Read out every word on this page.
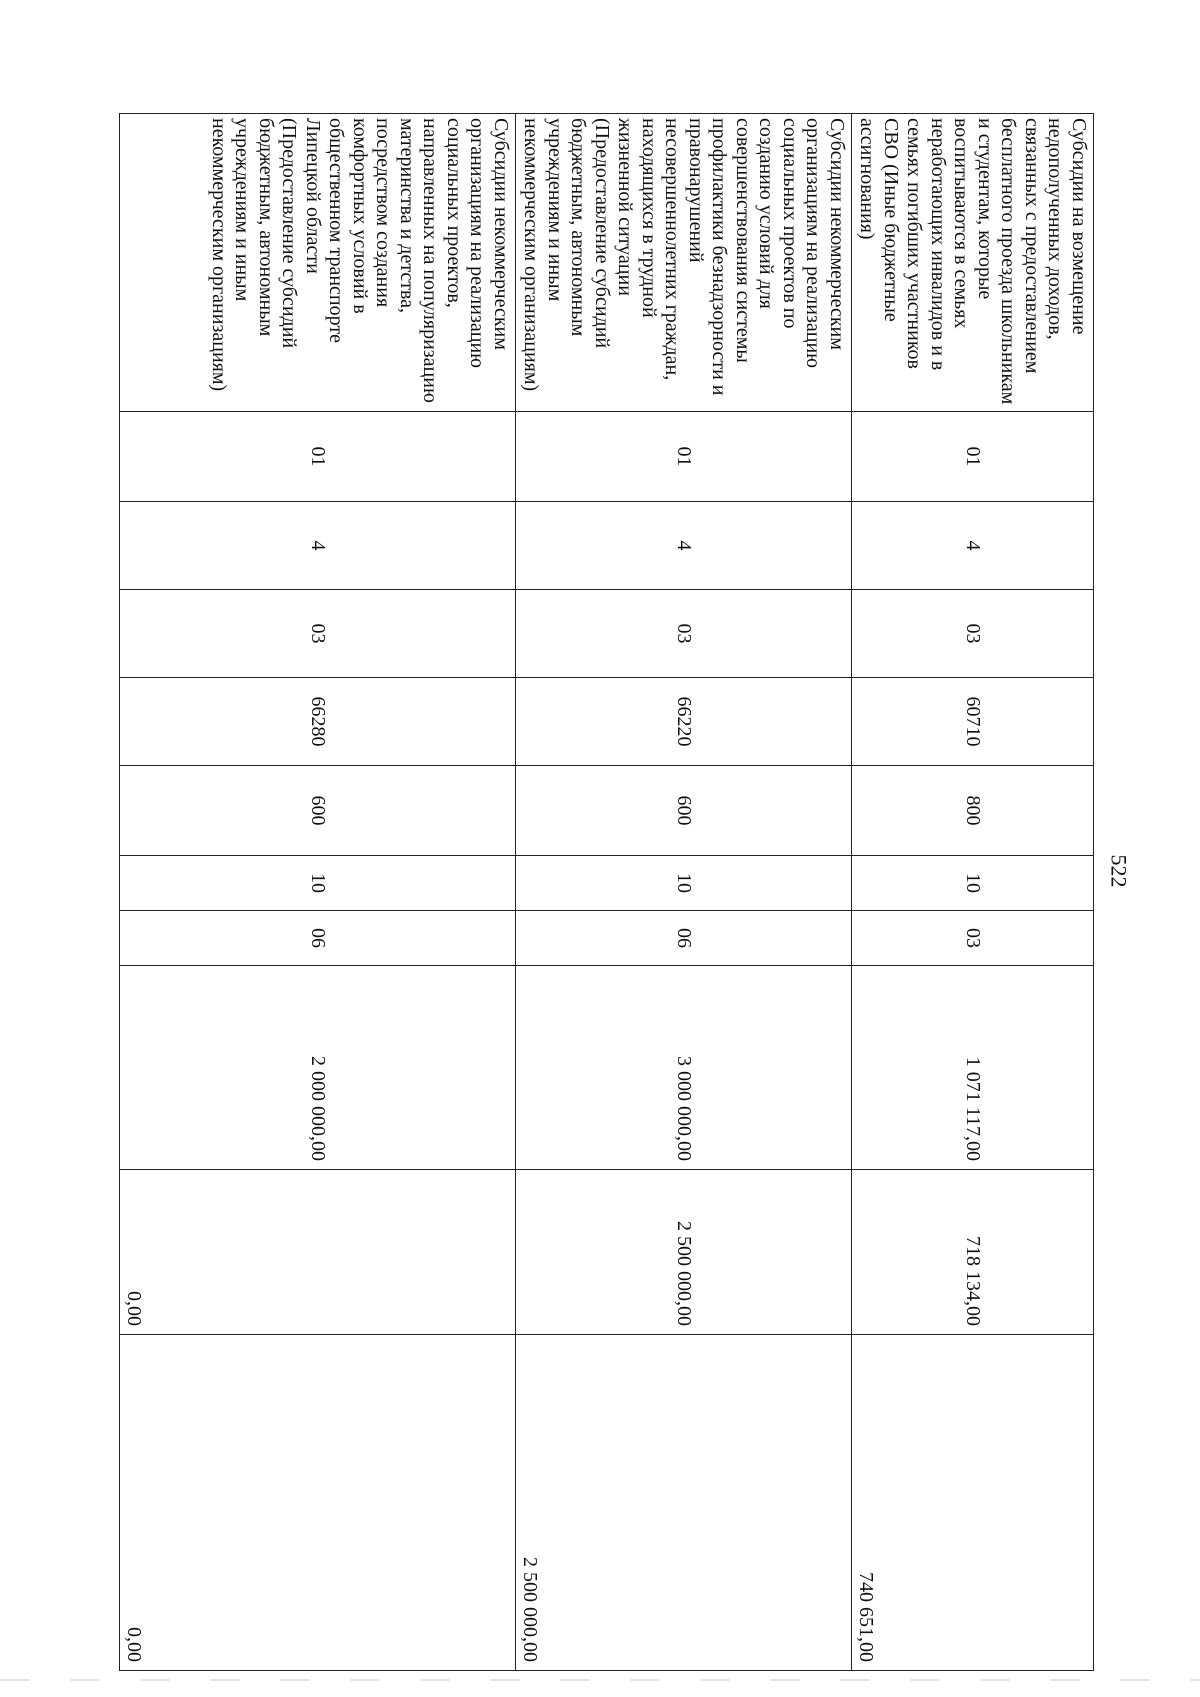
522
Субсидии на возмещение недополученных доходов, связанных с предоставлением бесплатного проезда школьникам и студентам, которые воспитываются в семьях неработающих инвалидов и в семьях погибших участников СВО (Иные бюджетные ассигнования)	01	4	03	60710	800	10	03	1 071 117,00	718 134,00	740 651,00
Субсидии некоммерческим организациям на реализацию социальных проектов по созданию условий для совершенствования системы профилактики безнадзорности и правонарушений несовершеннолетних граждан, находящихся в трудной жизненной ситуации (Предоставление субсидий бюджетным, автономным учреждениям и иным некоммерческим организациям)	01	4	03	66220	600	10	06	3 000 000,00	2 500 000,00	2 500 000,00
Субсидии некоммерческим организациям на реализацию социальных проектов, направленных на популяризацию материнства и детства, посредством создания комфортных условий в общественном транспорте Липецкой области (Предоставление субсидий бюджетным, автономным учреждениям и иным некоммерческим организациям)	01	4	03	66280	600	10	06	2 000 000,00	0,00	0,00
